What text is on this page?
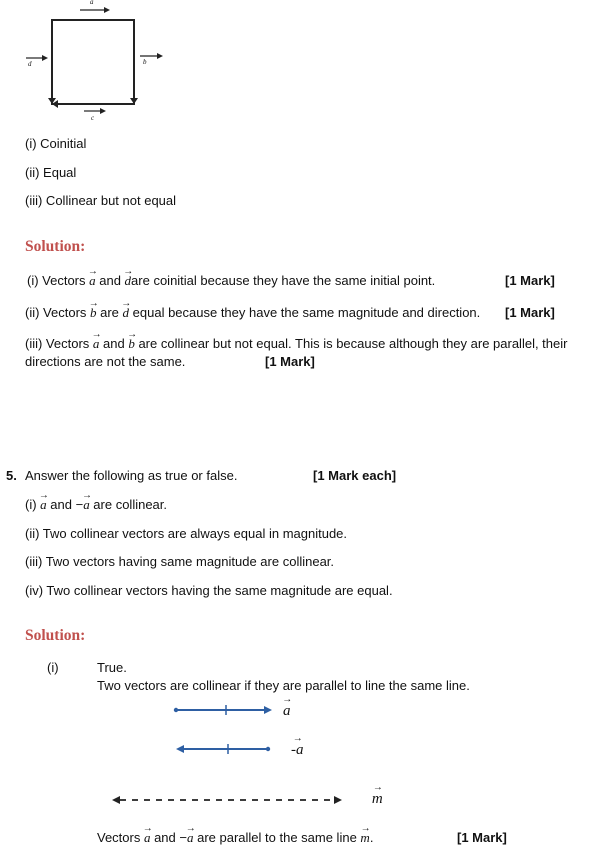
a
d	b
c
(i) Coinitial
(ii) Equal
(iii) Collinear but not equal
Solution:
(i) Vectors → a and → dare coinitial because they have the same initial point.	[1 Mark]
(ii) Vectors → b are → d equal because they have the same magnitude and direction. [1 Mark]
(iii) Vectors → a and → b are collinear but not equal. This is because although they are parallel, their
directions are not the same.	[1 Mark]
5. Answer the following as true or false.	[1 Mark each]
(i) → a and −→ a are collinear.
(ii) Two collinear vectors are always equal in magnitude.
(iii) Two vectors having same magnitude are collinear.
(iv) Two collinear vectors having the same magnitude are equal.
Solution:
(i)	True.
Two vectors are collinear if they are parallel to line the same line.
→ a → -a → m
Vectors → a and −→ a are parallel to the same line → m.	[1 Mark]
